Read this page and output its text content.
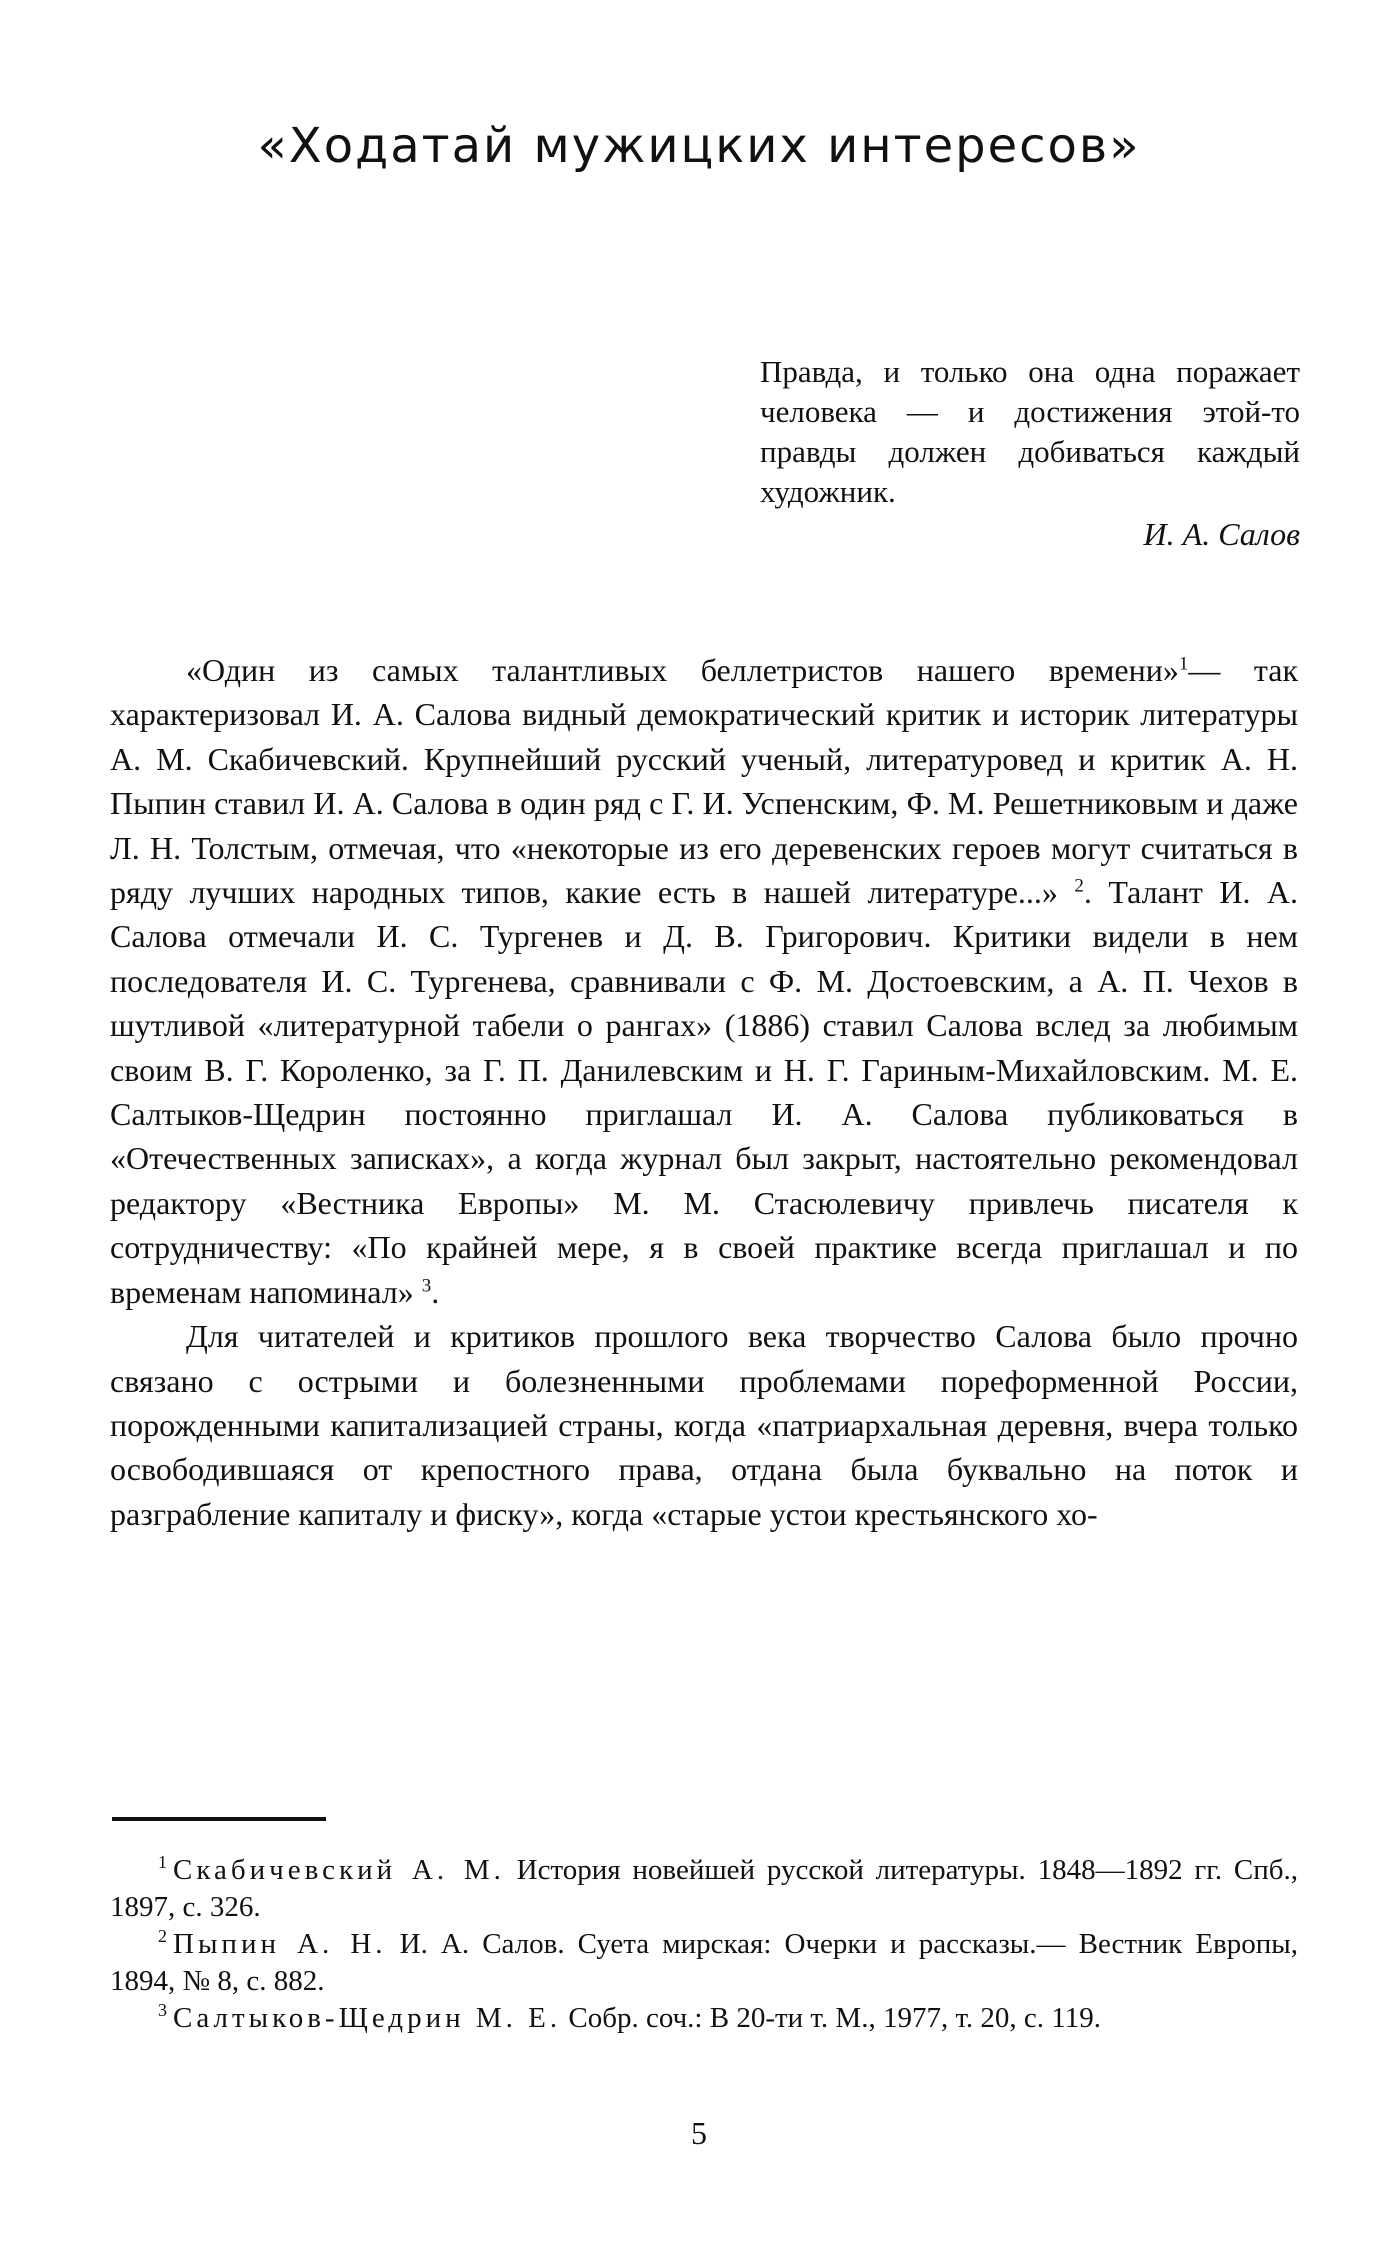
«Ходатай мужицких интересов»
Правда, и только она одна поражает человека — и достижения этой-то правды должен добиваться каждый художник.
И. А. Салов

«Один из самых талантливых беллетристов нашего времени»$^1$— так характеризовал И. А. Салова видный демократический критик и историк литературы А. М. Скабичевский. Крупнейший русский ученый, литературовед и критик А. Н. Пыпин ставил И. А. Салова в один ряд с Г. И. Успенским, Ф. М. Решетниковым и даже Л. Н. Толстым, отмечая, что «некоторые из его деревенских героев могут считаться в ряду лучших народных типов, какие есть в нашей литературе...» $^2$. Талант И. А. Салова отмечали И. С. Тургенев и Д. В. Григорович. Критики видели в нем последователя И. С. Тургенева, сравнивали с Ф. М. Достоевским, а А. П. Чехов в шутливой «литературной табели о рангах» (1886) ставил Салова вслед за любимым своим В. Г. Короленко, за Г. П. Данилевским и Н. Г. Гариным-Михайловским. М. Е. Салтыков-Щедрин постоянно приглашал И. А. Салова публиковаться в «Отечественных записках», а когда журнал был закрыт, настоятельно рекомендовал редактору «Вестника Европы» М. М. Стасюлевичу привлечь писателя к сотрудничеству: «По крайней мере, я в своей практике всегда приглашал и по временам напоминал» $^3$.

Для читателей и критиков прошлого века творчество Салова было прочно связано с острыми и болезненными проблемами пореформенной России, порожденными капитализацией страны, когда «патриархальная деревня, вчера только освободившаяся от крепостного права, отдана была буквально на поток и разграбление капиталу и фиску», когда «старые устои крестьянского хо-

$^1$ Скабичевский А. М. История новейшей русской литературы. 1848—1892 гг. Спб., 1897, с. 326.

$^2$ Пыпин А. Н. И. А. Салов. Суета мирская: Очерки и рассказы.— Вестник Европы, 1894, № 8, с. 882.

$^3$ Салтыков-Щедрин М. Е. Собр. соч.: В 20-ти т. М., 1977, т. 20, с. 119.

5
